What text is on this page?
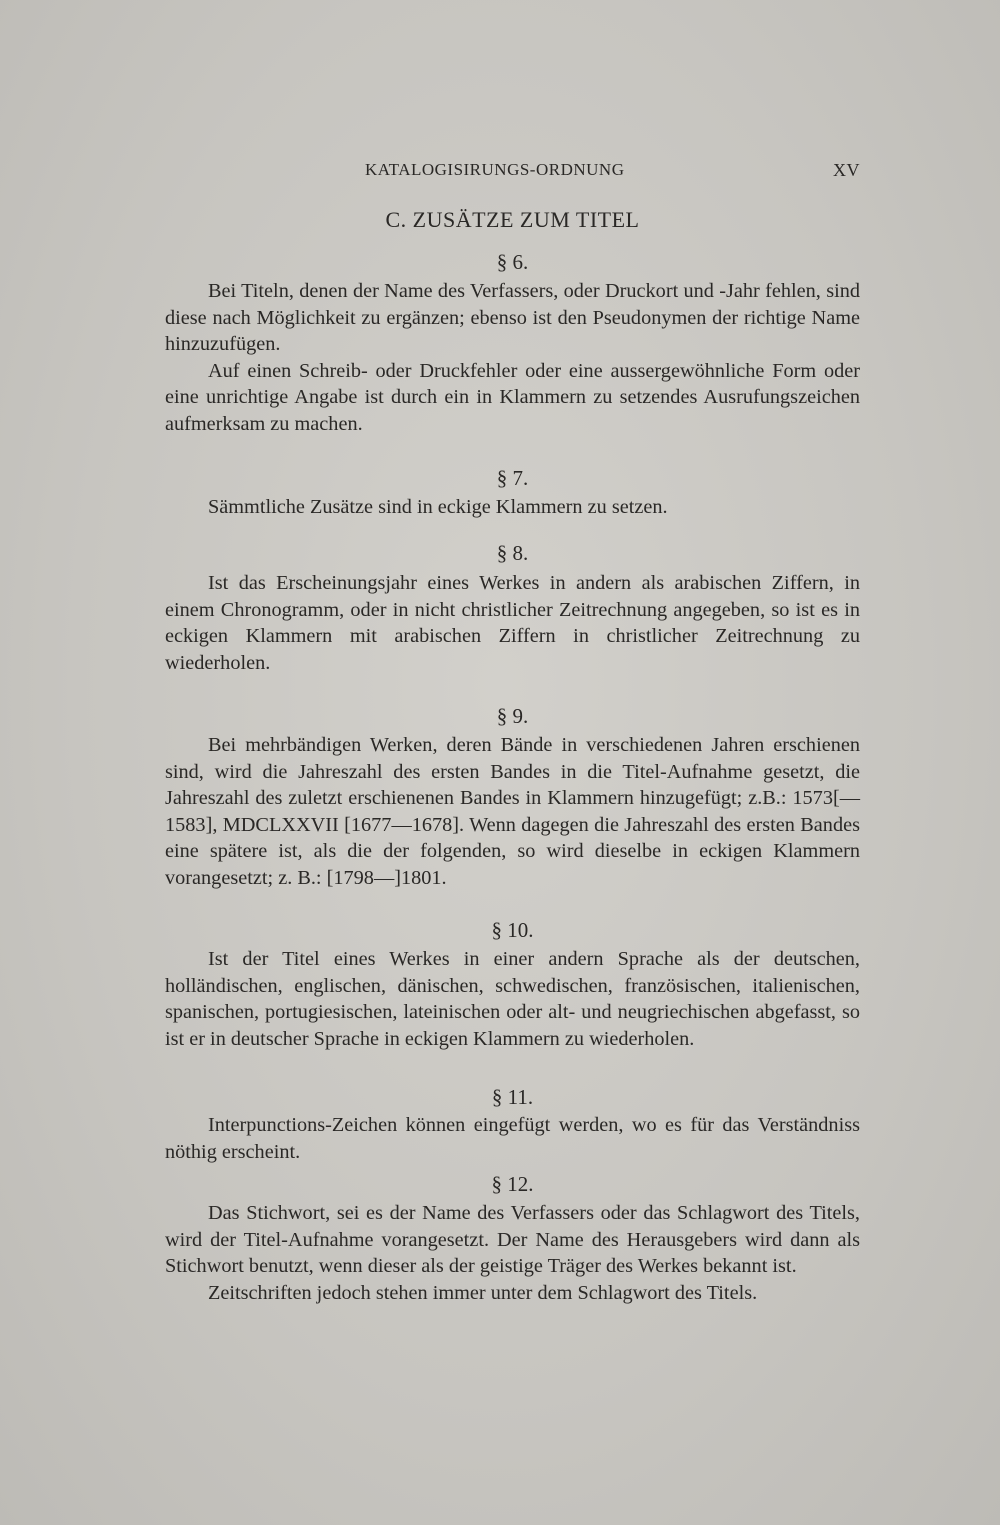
KATALOGISIRUNGS-ORDNUNG	XV
C. ZUSÄTZE ZUM TITEL
§ 6.

Bei Titeln, denen der Name des Verfassers, oder Druckort und -Jahr fehlen, sind diese nach Möglichkeit zu ergänzen; ebenso ist den Pseudonymen der richtige Name hinzuzufügen.

Auf einen Schreib- oder Druckfehler oder eine aussergewöhnliche Form oder eine unrichtige Angabe ist durch ein in Klammern zu setzendes Ausrufungszeichen aufmerksam zu machen.

§ 7.

Sämmtliche Zusätze sind in eckige Klammern zu setzen.

§ 8.

Ist das Erscheinungsjahr eines Werkes in andern als arabischen Ziffern, in einem Chronogramm, oder in nicht christlicher Zeitrechnung angegeben, so ist es in eckigen Klammern mit arabischen Ziffern in christlicher Zeitrechnung zu wiederholen.

§ 9.

Bei mehrbändigen Werken, deren Bände in verschiedenen Jahren erschienen sind, wird die Jahreszahl des ersten Bandes in die Titel-Aufnahme gesetzt, die Jahreszahl des zuletzt erschienenen Bandes in Klammern hinzugefügt; z.B.: 1573[—1583], MDCLXXVII [1677—1678]. Wenn dagegen die Jahreszahl des ersten Bandes eine spätere ist, als die der folgenden, so wird dieselbe in eckigen Klammern vorangesetzt; z. B.: [1798—]1801.

§ 10.

Ist der Titel eines Werkes in einer andern Sprache als der deutschen, holländischen, englischen, dänischen, schwedischen, französischen, italienischen, spanischen, portugiesischen, lateinischen oder alt- und neugriechischen abgefasst, so ist er in deutscher Sprache in eckigen Klammern zu wiederholen.

§ 11.

Interpunctions-Zeichen können eingefügt werden, wo es für das Verständniss nöthig erscheint.

§ 12.

Das Stichwort, sei es der Name des Verfassers oder das Schlagwort des Titels, wird der Titel-Aufnahme vorangesetzt. Der Name des Herausgebers wird dann als Stichwort benutzt, wenn dieser als der geistige Träger des Werkes bekannt ist.

Zeitschriften jedoch stehen immer unter dem Schlagwort des Titels.
